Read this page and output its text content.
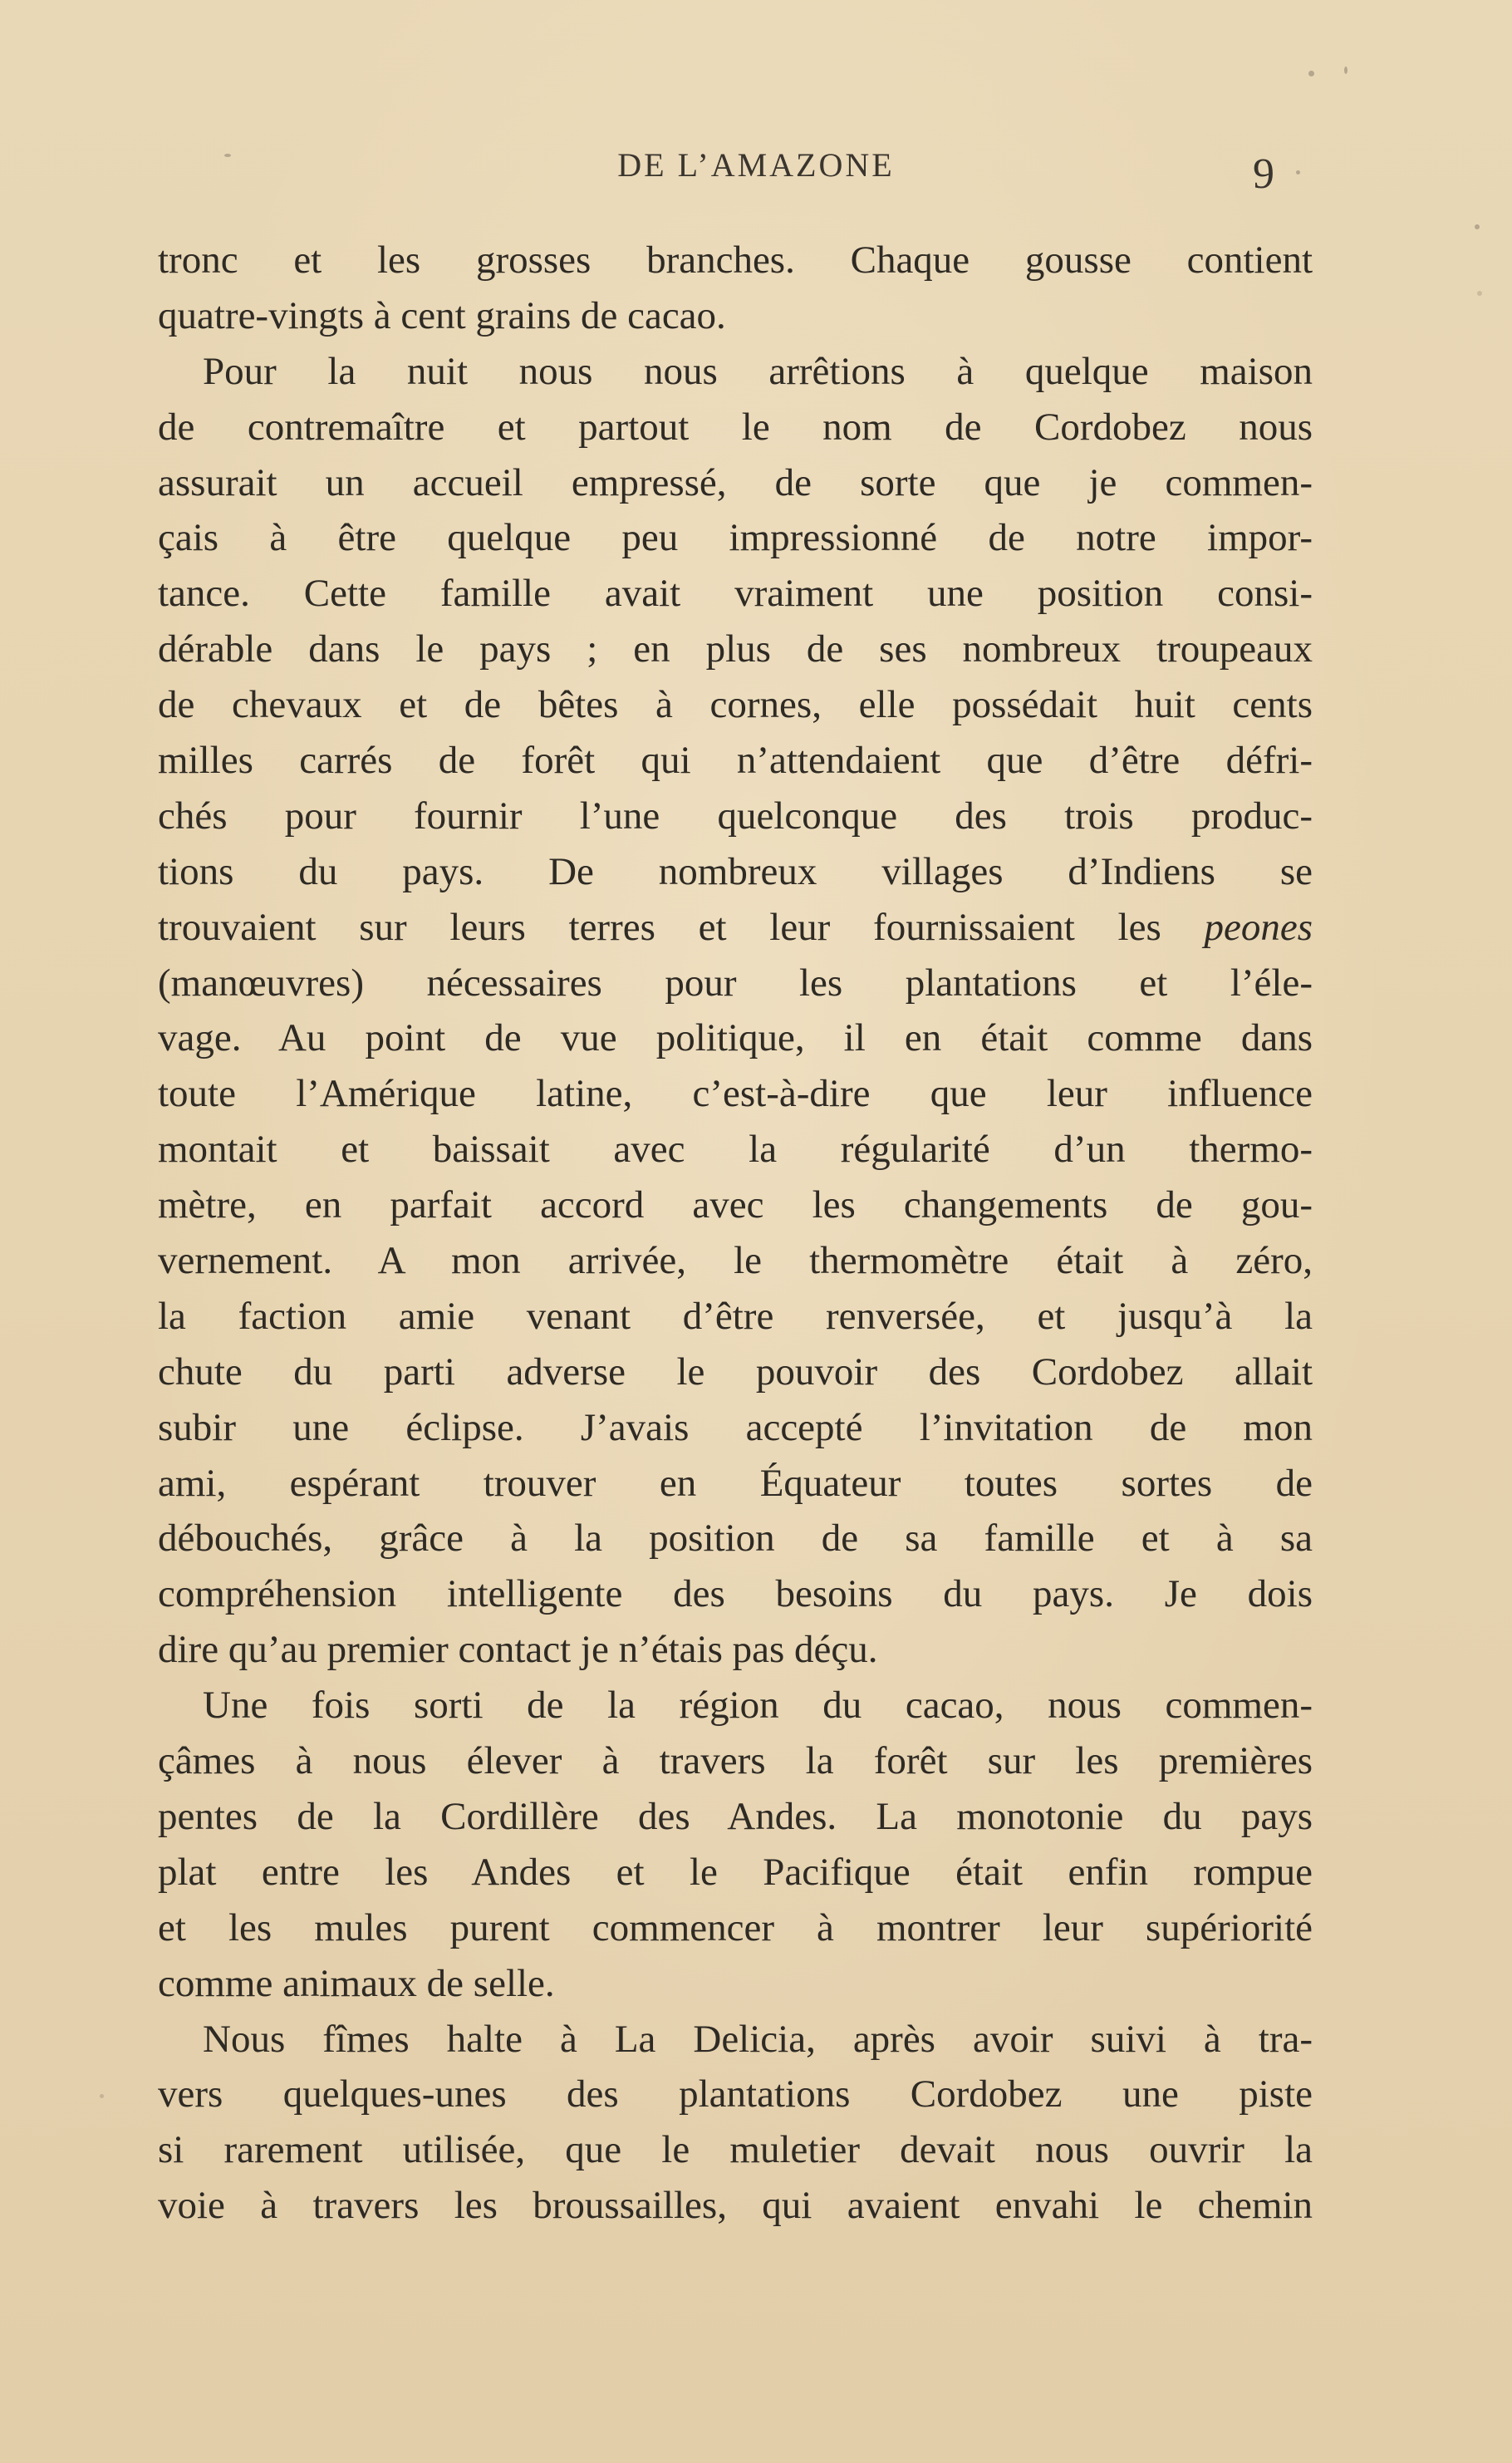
DE L’AMAZONE	9
tronc et les grosses branches. Chaque gousse contient
quatre-vingts à cent grains de cacao.
Pour la nuit nous nous arrêtions à quelque maison
de contremaître et partout le nom de Cordobez nous
assurait un accueil empressé, de sorte que je commen-
çais à être quelque peu impressionné de notre impor-
tance. Cette famille avait vraiment une position consi-
dérable dans le pays ; en plus de ses nombreux troupeaux
de chevaux et de bêtes à cornes, elle possédait huit cents
milles carrés de forêt qui n’attendaient que d’être défri-
chés pour fournir l’une quelconque des trois produc-
tions du pays. De nombreux villages d’Indiens se
trouvaient sur leurs terres et leur fournissaient les peones
(manœuvres) nécessaires pour les plantations et l’éle-
vage. Au point de vue politique, il en était comme dans
toute l’Amérique latine, c’est-à-dire que leur influence
montait et baissait avec la régularité d’un thermo-
mètre, en parfait accord avec les changements de gou-
vernement. A mon arrivée, le thermomètre était à zéro,
la faction amie venant d’être renversée, et jusqu’à la
chute du parti adverse le pouvoir des Cordobez allait
subir une éclipse. J’avais accepté l’invitation de mon
ami, espérant trouver en Équateur toutes sortes de
débouchés, grâce à la position de sa famille et à sa
compréhension intelligente des besoins du pays. Je dois
dire qu’au premier contact je n’étais pas déçu.
Une fois sorti de la région du cacao, nous commen-
çâmes à nous élever à travers la forêt sur les premières
pentes de la Cordillère des Andes. La monotonie du pays
plat entre les Andes et le Pacifique était enfin rompue
et les mules purent commencer à montrer leur supériorité
comme animaux de selle.
Nous fîmes halte à La Delicia, après avoir suivi à tra-
vers quelques-unes des plantations Cordobez une piste
si rarement utilisée, que le muletier devait nous ouvrir la
voie à travers les broussailles, qui avaient envahi le chemin
